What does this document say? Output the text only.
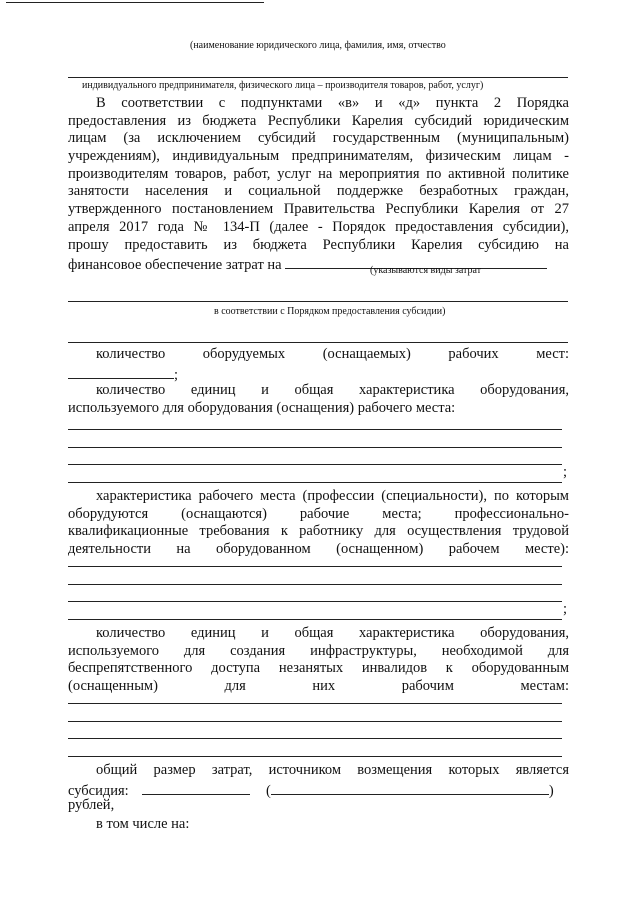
(наименование юридического лица, фамилия, имя, отчество
индивидуального предпринимателя, физического лица – производителя товаров, работ, услуг)
В соответствии с подпунктами «в» и «д» пункта 2 Порядка
предоставления из бюджета Республики Карелия субсидий юридическим
лицам (за исключением субсидий государственным (муниципальным)
учреждениям), индивидуальным предпринимателям, физическим лицам -
производителям товаров, работ, услуг на мероприятия по активной политике
занятости населения и социальной поддержке безработных граждан,
утвержденного постановлением Правительства Республики Карелия от 27
апреля 2017 года № 134-П (далее - Порядок предоставления субсидии),
прошу предоставить из бюджета Республики Карелия субсидию на
финансовое обеспечение затрат на	(указываются виды затрат
в соответствии с Порядком предоставления субсидии)
количество оборудуемых (оснащаемых) рабочих мест:
;
количество единиц и общая характеристика оборудования,
используемого для оборудования (оснащения) рабочего места:
;
характеристика рабочего места (профессии (специальности), по которым
оборудуются (оснащаются) рабочие места; профессионально-
квалификационные требования к работнику для осуществления трудовой
деятельности на оборудованном (оснащенном) рабочем месте):
;
количество единиц и общая характеристика оборудования,
используемого для создания инфраструктуры, необходимой для
беспрепятственного доступа незанятых инвалидов к оборудованным
(оснащенным) для них рабочим местам:
общий размер затрат, источником возмещения которых является
субсидия:	(	)
рублей,
в том числе на:
